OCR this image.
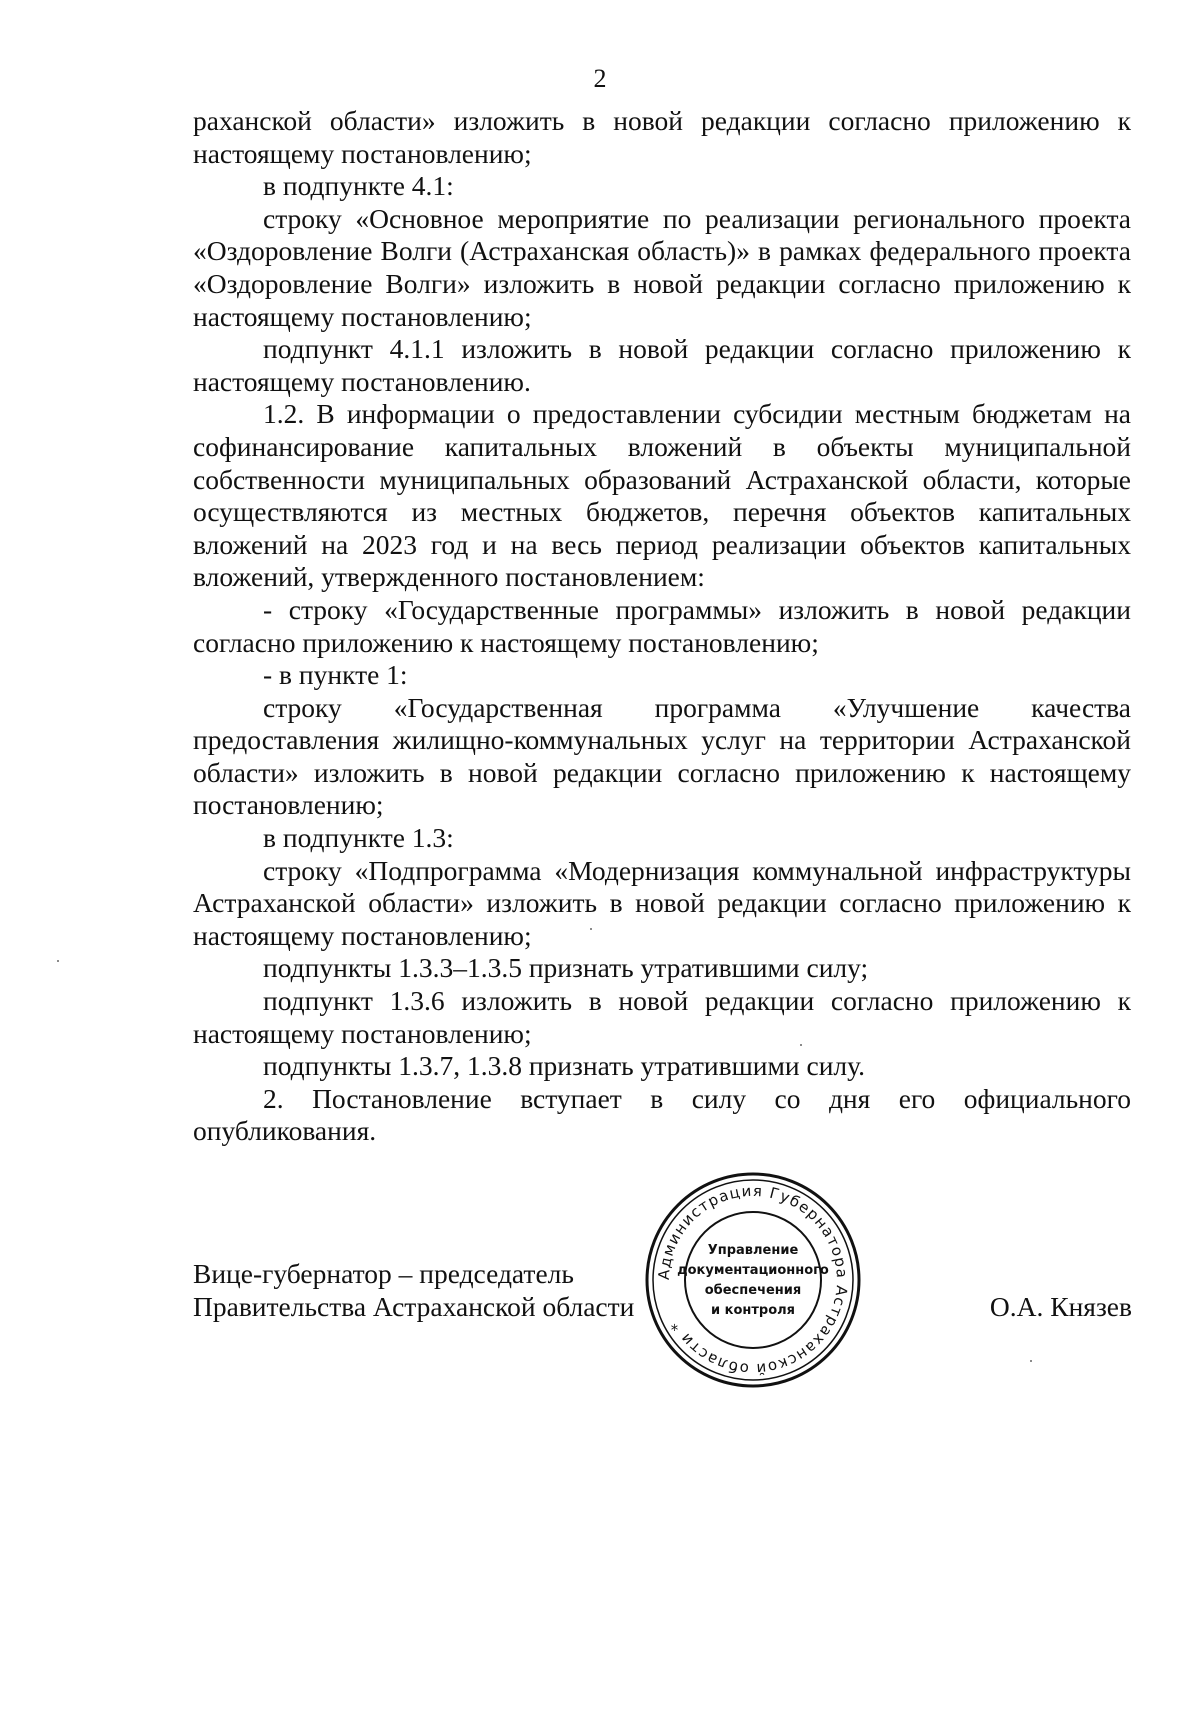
2

раханской области» изложить в новой редакции согласно приложению к настоящему постановлению;

в подпункте 4.1:

строку «Основное мероприятие по реализации регионального проекта «Оздоровление Волги (Астраханская область)» в рамках федерального проекта «Оздоровление Волги» изложить в новой редакции согласно приложению к настоящему постановлению;

подпункт 4.1.1 изложить в новой редакции согласно приложению к настоящему постановлению.

1.2. В информации о предоставлении субсидии местным бюджетам на софинансирование капитальных вложений в объекты муниципальной собственности муниципальных образований Астраханской области, которые осуществляются из местных бюджетов, перечня объектов капитальных вложений на 2023 год и на весь период реализации объектов капитальных вложений, утвержденного постановлением:

- строку «Государственные программы» изложить в новой редакции согласно приложению к настоящему постановлению;

- в пункте 1:

строку «Государственная программа «Улучшение качества предоставления жилищно-коммунальных услуг на территории Астраханской области» изложить в новой редакции согласно приложению к настоящему постановлению;

в подпункте 1.3:

строку «Подпрограмма «Модернизация коммунальной инфраструктуры Астраханской области» изложить в новой редакции согласно приложению к настоящему постановлению;

подпункты 1.3.3–1.3.5 признать утратившими силу;

подпункт 1.3.6 изложить в новой редакции согласно приложению к настоящему постановлению;

подпункты 1.3.7, 1.3.8 признать утратившими силу.

2. Постановление вступает в силу со дня его официального опубликования.

Вице-губернатор – председатель
Правительства Астраханской области
Администрация Губернатора Астраханской области *
Управление
документационного
обеспечения
и контроля	О.А. Князев
